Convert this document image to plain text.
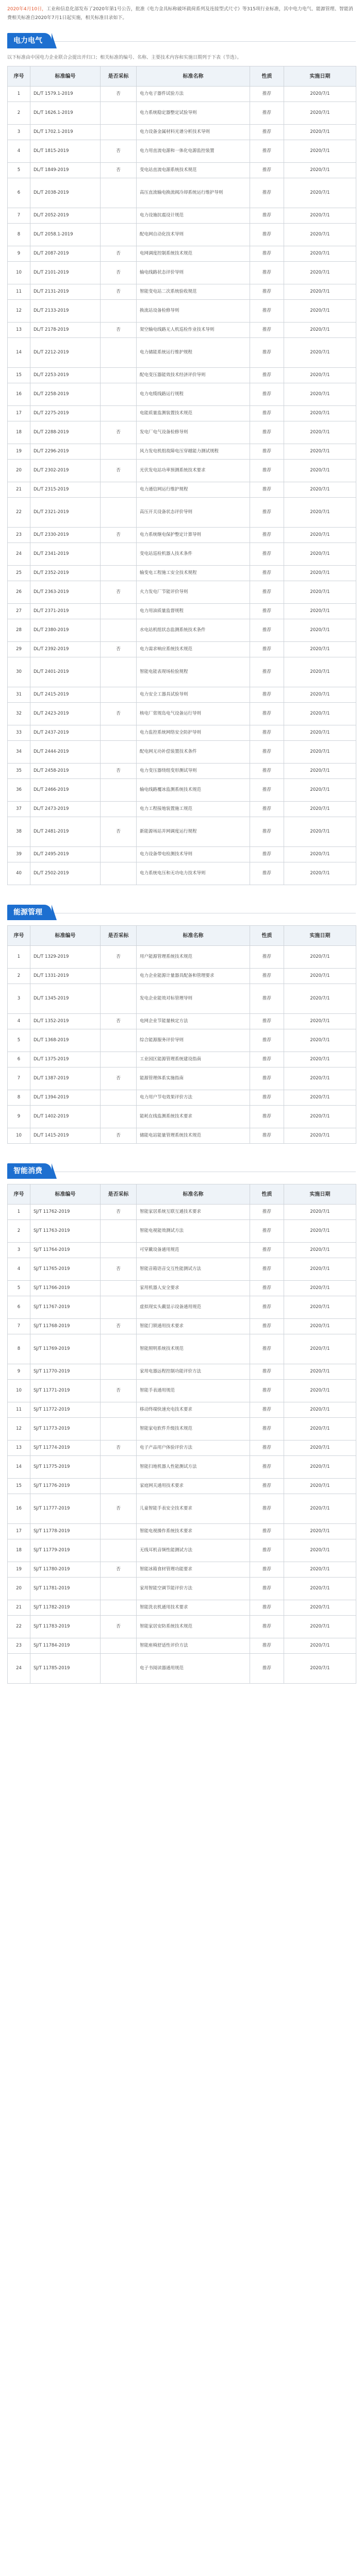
2020年4月10日，工业和信息化部发布了2020年第1号公告，批准《电力金具标称破坏载荷系列及连接型式尺寸》等315项行业标准，其中电力电气、能源管理、智能消费相关标准自2020年7月1日起实施，相关标准目录如下。
电力电气
以下标准由中国电力企业联合会提出并归口；相关标准的编号、名称、主要技术内容和实施日期列于下表（节选）。
序号	标准编号	是否采标	标准名称	性质	实施日期
1	DL/T 1579.1-2019	否	电力电子器件试验方法	推荐	2020/7/1
2	DL/T 1626.1-2019		电力系统稳定器整定试验导则	推荐	2020/7/1
3	DL/T 1702.1-2019		电力设备金属材料光谱分析技术导则	推荐	2020/7/1
4	DL/T 1815-2019	否	电力用直流电源和一体化电源监控装置	推荐	2020/7/1
5	DL/T 1849-2019	否	变电站直流电源系统技术规范	推荐	2020/7/1
6	DL/T 2038-2019		高压直流输电换流阀冷却系统运行维护导则	推荐	2020/7/1
7	DL/T 2052-2019		电力设施抗震设计规范	推荐	2020/7/1
8	DL/T 2058.1-2019		配电网自动化技术导则	推荐	2020/7/1
9	DL/T 2087-2019	否	电网调度控制系统技术规范	推荐	2020/7/1
10	DL/T 2101-2019	否	输电线路状态评价导则	推荐	2020/7/1
11	DL/T 2131-2019	否	智能变电站二次系统验收规范	推荐	2020/7/1
12	DL/T 2133-2019		换流站设备检修导则	推荐	2020/7/1
13	DL/T 2178-2019	否	架空输电线路无人机巡检作业技术导则	推荐	2020/7/1
14	DL/T 2212-2019		电力储能系统运行维护规程	推荐	2020/7/1
15	DL/T 2253-2019		配电变压器能效技术经济评价导则	推荐	2020/7/1
16	DL/T 2258-2019		电力电缆线路运行规程	推荐	2020/7/1
17	DL/T 2275-2019		电能质量监测装置技术规范	推荐	2020/7/1
18	DL/T 2288-2019	否	发电厂电气设备检修导则	推荐	2020/7/1
19	DL/T 2296-2019		风力发电机组故障电压穿越能力测试规程	推荐	2020/7/1
20	DL/T 2302-2019	否	光伏发电站功率预测系统技术要求	推荐	2020/7/1
21	DL/T 2315-2019		电力通信网运行维护规程	推荐	2020/7/1
22	DL/T 2321-2019		高压开关设备状态评价导则	推荐	2020/7/1
23	DL/T 2330-2019	否	电力系统继电保护整定计算导则	推荐	2020/7/1
24	DL/T 2341-2019		变电站巡检机器人技术条件	推荐	2020/7/1
25	DL/T 2352-2019		输变电工程施工安全技术规程	推荐	2020/7/1
26	DL/T 2363-2019	否	火力发电厂节能评价导则	推荐	2020/7/1
27	DL/T 2371-2019		电力用油质量监督规程	推荐	2020/7/1
28	DL/T 2380-2019		水电站机组状态监测系统技术条件	推荐	2020/7/1
29	DL/T 2392-2019	否	电力需求响应系统技术规范	推荐	2020/7/1
30	DL/T 2401-2019		智能电能表现场检验规程	推荐	2020/7/1
31	DL/T 2415-2019		电力安全工器具试验导则	推荐	2020/7/1
32	DL/T 2423-2019	否	核电厂常规岛电气设备运行导则	推荐	2020/7/1
33	DL/T 2437-2019		电力监控系统网络安全防护导则	推荐	2020/7/1
34	DL/T 2444-2019		配电网无功补偿装置技术条件	推荐	2020/7/1
35	DL/T 2458-2019	否	电力变压器绕组变形测试导则	推荐	2020/7/1
36	DL/T 2466-2019		输电线路覆冰监测系统技术规范	推荐	2020/7/1
37	DL/T 2473-2019		电力工程接地装置施工规范	推荐	2020/7/1
38	DL/T 2481-2019	否	新能源场站并网调度运行规程	推荐	2020/7/1
39	DL/T 2495-2019		电力设备带电检测技术导则	推荐	2020/7/1
40	DL/T 2502-2019		电力系统电压和无功电力技术导则	推荐	2020/7/1
能源管理
序号	标准编号	是否采标	标准名称	性质	实施日期
1	DL/T 1329-2019	否	用户能源管理系统技术规范	推荐	2020/7/1
2	DL/T 1331-2019		电力企业能源计量器具配备和管理要求	推荐	2020/7/1
3	DL/T 1345-2019		发电企业能效对标管理导则	推荐	2020/7/1
4	DL/T 1352-2019	否	电网企业节能量核定方法	推荐	2020/7/1
5	DL/T 1368-2019		综合能源服务评价导则	推荐	2020/7/1
6	DL/T 1375-2019		工业园区能源管理系统建设指南	推荐	2020/7/1
7	DL/T 1387-2019	否	能源管理体系实施指南	推荐	2020/7/1
8	DL/T 1394-2019		电力用户节电效果评价方法	推荐	2020/7/1
9	DL/T 1402-2019		能耗在线监测系统技术要求	推荐	2020/7/1
10	DL/T 1415-2019	否	储能电站能量管理系统技术规范	推荐	2020/7/1
智能消费
序号	标准编号	是否采标	标准名称	性质	实施日期
1	SJ/T 11762-2019	否	智能家居系统互联互通技术要求	推荐	2020/7/1
2	SJ/T 11763-2019		智能电视能效测试方法	推荐	2020/7/1
3	SJ/T 11764-2019		可穿戴设备通用规范	推荐	2020/7/1
4	SJ/T 11765-2019	否	智能音箱语音交互性能测试方法	推荐	2020/7/1
5	SJ/T 11766-2019		家用机器人安全要求	推荐	2020/7/1
6	SJ/T 11767-2019		虚拟现实头戴显示设备通用规范	推荐	2020/7/1
7	SJ/T 11768-2019	否	智能门锁通用技术要求	推荐	2020/7/1
8	SJ/T 11769-2019		智能照明系统技术规范	推荐	2020/7/1
9	SJ/T 11770-2019		家用电器远程控制功能评价方法	推荐	2020/7/1
10	SJ/T 11771-2019	否	智能手表通用规范	推荐	2020/7/1
11	SJ/T 11772-2019		移动终端快速充电技术要求	推荐	2020/7/1
12	SJ/T 11773-2019		智能家电软件升级技术规范	推荐	2020/7/1
13	SJ/T 11774-2019	否	电子产品用户体验评价方法	推荐	2020/7/1
14	SJ/T 11775-2019		智能扫地机器人性能测试方法	推荐	2020/7/1
15	SJ/T 11776-2019		家庭网关通用技术要求	推荐	2020/7/1
16	SJ/T 11777-2019	否	儿童智能手表安全技术要求	推荐	2020/7/1
17	SJ/T 11778-2019		智能电视操作系统技术要求	推荐	2020/7/1
18	SJ/T 11779-2019		无线耳机音频性能测试方法	推荐	2020/7/1
19	SJ/T 11780-2019	否	智能冰箱食材管理功能要求	推荐	2020/7/1
20	SJ/T 11781-2019		家用智能空调节能评价方法	推荐	2020/7/1
21	SJ/T 11782-2019		智能洗衣机通用技术要求	推荐	2020/7/1
22	SJ/T 11783-2019	否	智能家居安防系统技术规范	推荐	2020/7/1
23	SJ/T 11784-2019		智能座椅舒适性评价方法	推荐	2020/7/1
24	SJ/T 11785-2019		电子书阅读器通用规范	推荐	2020/7/1
